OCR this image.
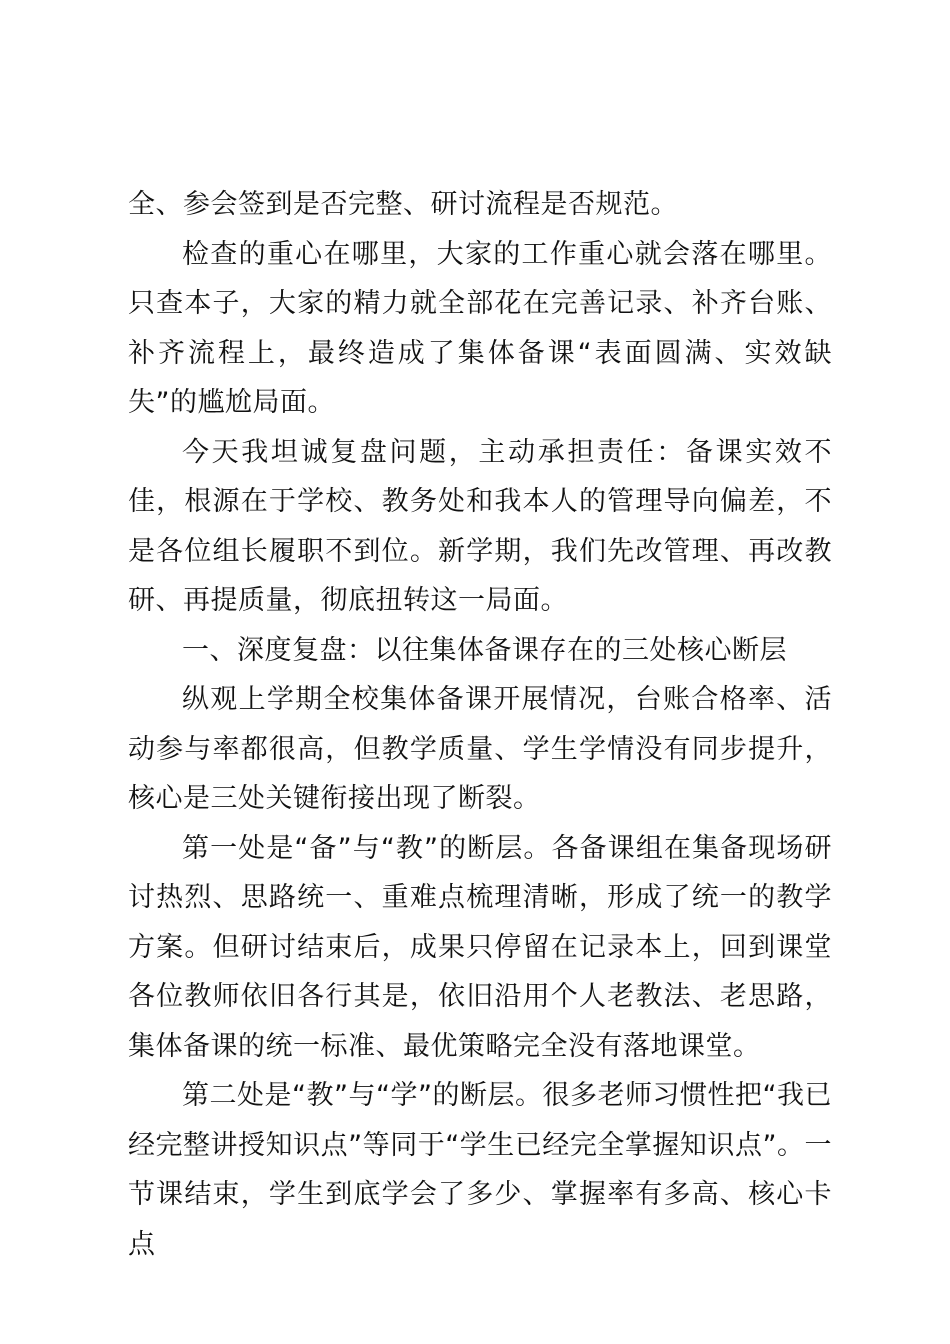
全、参会签到是否完整、研讨流程是否规范。

检查的重心在哪里，大家的工作重心就会落在哪里。只查本子，大家的精力就全部花在完善记录、补齐台账、补齐流程上，最终造成了集体备课“表面圆满、实效缺失”的尴尬局面。

今天我坦诚复盘问题，主动承担责任：备课实效不佳，根源在于学校、教务处和我本人的管理导向偏差，不是各位组长履职不到位。新学期，我们先改管理、再改教研、再提质量，彻底扭转这一局面。

一、深度复盘：以往集体备课存在的三处核心断层

纵观上学期全校集体备课开展情况，台账合格率、活动参与率都很高，但教学质量、学生学情没有同步提升，核心是三处关键衔接出现了断裂。

第一处是“备”与“教”的断层。各备课组在集备现场研讨热烈、思路统一、重难点梳理清晰，形成了统一的教学方案。但研讨结束后，成果只停留在记录本上，回到课堂各位教师依旧各行其是，依旧沿用个人老教法、老思路，集体备课的统一标准、最优策略完全没有落地课堂。

第二处是“教”与“学”的断层。很多老师习惯性把“我已经完整讲授知识点”等同于“学生已经完全掌握知识点”。一节课结束，学生到底学会了多少、掌握率有多高、核心卡点
